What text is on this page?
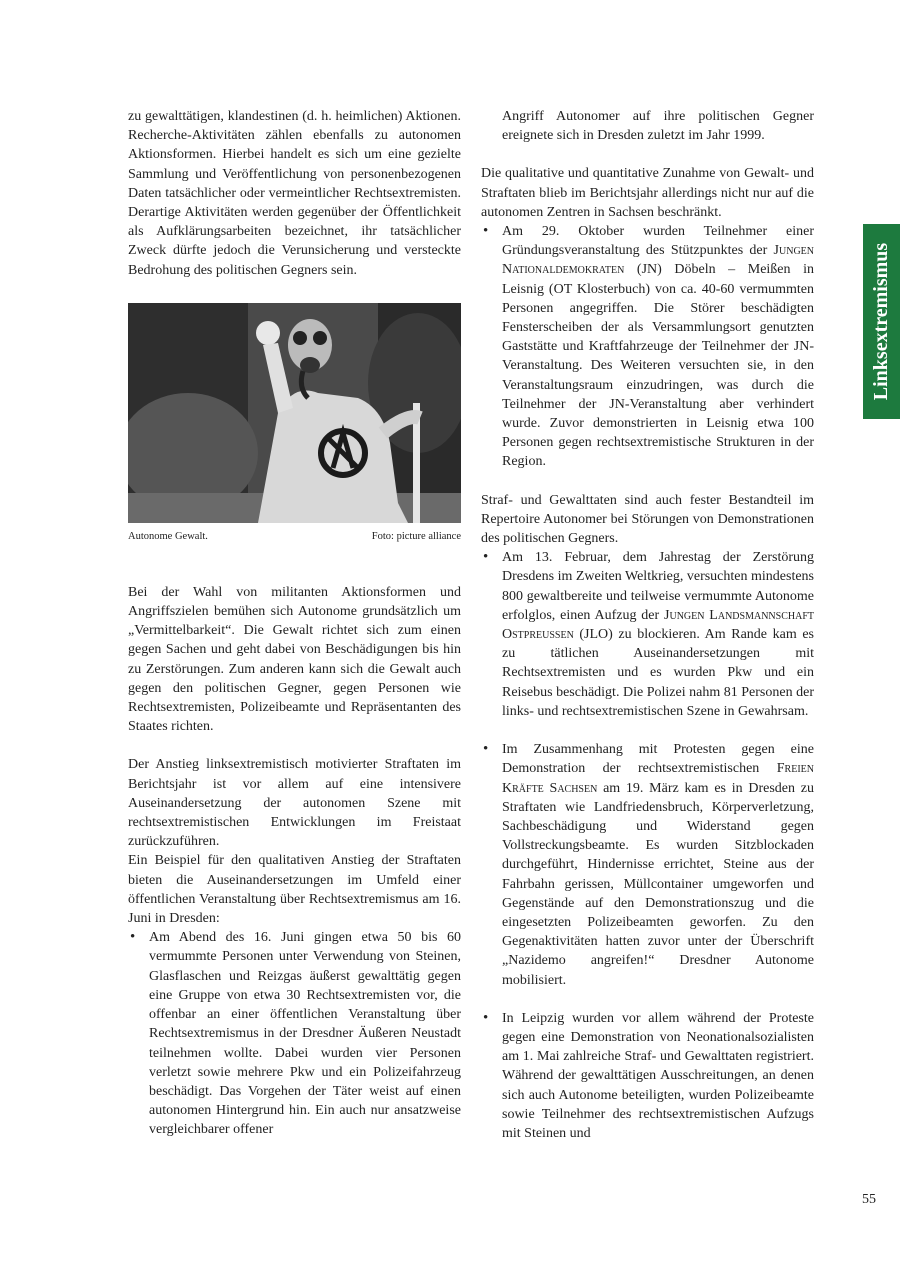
zu gewalttätigen, klandestinen (d. h. heimlichen) Aktionen. Recherche-Aktivitäten zählen ebenfalls zu autonomen Aktionsformen. Hierbei handelt es sich um eine gezielte Sammlung und Veröffentlichung von personenbezogenen Daten tatsächlicher oder vermeintlicher Rechtsextremisten. Derartige Aktivitäten werden gegenüber der Öffentlichkeit als Aufklärungsarbeiten bezeichnet, ihr tatsächlicher Zweck dürfte jedoch die Verunsicherung und versteckte Bedrohung des politischen Gegners sein.

Autonome Gewalt.	Foto: picture alliance

Bei der Wahl von militanten Aktionsformen und Angriffszielen bemühen sich Autonome grundsätzlich um „Vermittelbarkeit“. Die Gewalt richtet sich zum einen gegen Sachen und geht dabei von Beschädigungen bis hin zu Zerstörungen. Zum anderen kann sich die Gewalt auch gegen den politischen Gegner, gegen Personen wie Rechtsextremisten, Polizeibeamte und Repräsentanten des Staates richten.

Der Anstieg linksextremistisch motivierter Straftaten im Berichtsjahr ist vor allem auf eine intensivere Auseinandersetzung der autonomen Szene mit rechtsextremistischen Entwicklungen im Freistaat zurückzuführen.

Ein Beispiel für den qualitativen Anstieg der Straftaten bieten die Auseinandersetzungen im Umfeld einer öffentlichen Veranstaltung über Rechtsextremismus am 16. Juni in Dresden:

• Am Abend des 16. Juni gingen etwa 50 bis 60 vermummte Personen unter Verwendung von Steinen, Glasflaschen und Reizgas äußerst gewalttätig gegen eine Gruppe von etwa 30 Rechtsextremisten vor, die offenbar an einer öffentlichen Veranstaltung über Rechtsextremismus in der Dresdner Äußeren Neustadt teilnehmen wollte. Dabei wurden vier Personen verletzt sowie mehrere Pkw und ein Polizeifahrzeug beschädigt. Das Vorgehen der Täter weist auf einen autonomen Hintergrund hin. Ein auch nur ansatzweise vergleichbarer offener

Angriff Autonomer auf ihre politischen Gegner ereignete sich in Dresden zuletzt im Jahr 1999.

Die qualitative und quantitative Zunahme von Gewalt- und Straftaten blieb im Berichtsjahr allerdings nicht nur auf die autonomen Zentren in Sachsen beschränkt.

• Am 29. Oktober wurden Teilnehmer einer Gründungsveranstaltung des Stützpunktes der Jungen Nationaldemokraten (JN) Döbeln – Meißen in Leisnig (OT Klosterbuch) von ca. 40-60 vermummten Personen angegriffen. Die Störer beschädigten Fensterscheiben der als Versammlungsort genutzten Gaststätte und Kraftfahrzeuge der Teilnehmer der JN-Veranstaltung. Des Weiteren versuchten sie, in den Veranstaltungsraum einzudringen, was durch die Teilnehmer der JN-Veranstaltung aber verhindert wurde. Zuvor demonstrierten in Leisnig etwa 100 Personen gegen rechtsextremistische Strukturen in der Region.

Straf- und Gewalttaten sind auch fester Bestandteil im Repertoire Autonomer bei Störungen von Demonstrationen des politischen Gegners.

• Am 13. Februar, dem Jahrestag der Zerstörung Dresdens im Zweiten Weltkrieg, versuchten mindestens 800 gewaltbereite und teilweise vermummte Autonome erfolglos, einen Aufzug der Jungen Landsmannschaft Ostpreußen (JLO) zu blockieren. Am Rande kam es zu tätlichen Auseinandersetzungen mit Rechtsextremisten und es wurden Pkw und ein Reisebus beschädigt. Die Polizei nahm 81 Personen der links- und rechtsextremistischen Szene in Gewahrsam.
• Im Zusammenhang mit Protesten gegen eine Demonstration der rechtsextremistischen Freien Kräfte Sachsen am 19. März kam es in Dresden zu Straftaten wie Landfriedensbruch, Körperverletzung, Sachbeschädigung und Widerstand gegen Vollstreckungsbeamte. Es wurden Sitzblockaden durchgeführt, Hindernisse errichtet, Steine aus der Fahrbahn gerissen, Müllcontainer umgeworfen und Gegenstände auf den Demonstrationszug und die eingesetzten Polizeibeamten geworfen. Zu den Gegenaktivitäten hatten zuvor unter der Überschrift „Nazidemo angreifen!“ Dresdner Autonome mobilisiert.
• In Leipzig wurden vor allem während der Proteste gegen eine Demonstration von Neonationalsozialisten am 1. Mai zahlreiche Straf- und Gewalttaten registriert. Während der gewalttätigen Ausschreitungen, an denen sich auch Autonome beteiligten, wurden Polizeibeamte sowie Teilnehmer des rechtsextremistischen Aufzugs mit Steinen und
Linksextremismus
55
